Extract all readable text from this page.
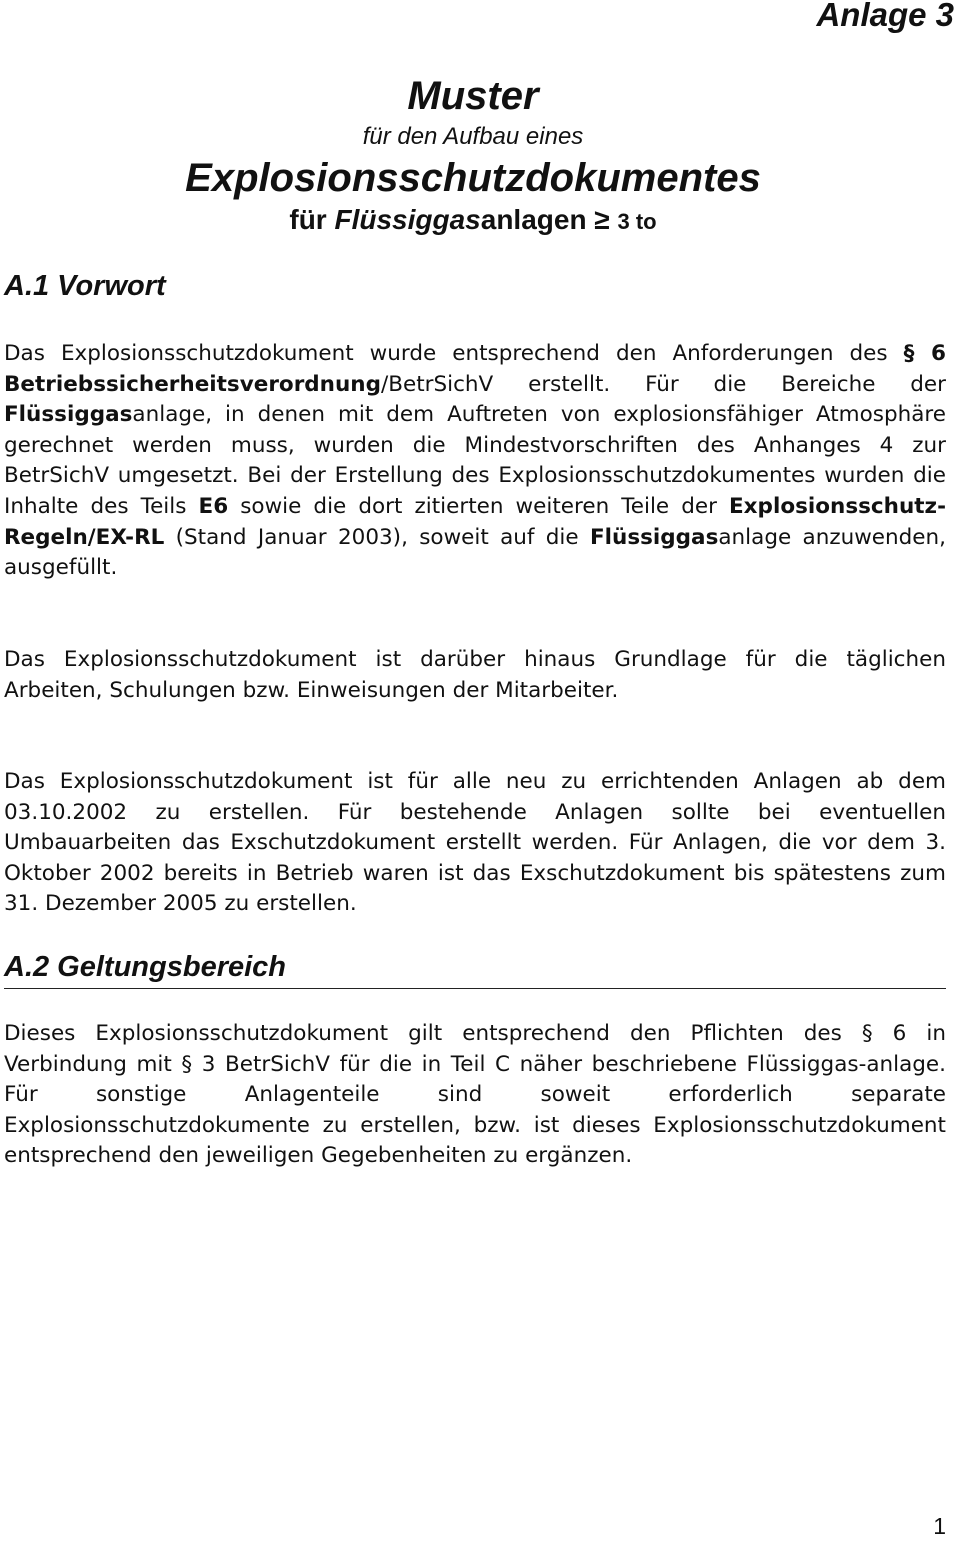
Anlage 3
Muster
für den Aufbau eines
Explosionsschutzdokumentes
für Flüssiggasanlagen ≥ 3 to
A.1 Vorwort
Das Explosionsschutzdokument wurde entsprechend den Anforderungen des § 6 Betriebssicherheitsverordnung/BetrSichV erstellt. Für die Bereiche der Flüssiggasanlage, in denen mit dem Auftreten von explosionsfähiger Atmosphäre gerechnet werden muss, wurden die Mindestvorschriften des Anhanges 4 zur BetrSichV umgesetzt. Bei der Erstellung des Explosionsschutzdokumentes wurden die Inhalte des Teils E6 sowie die dort zitierten weiteren Teile der Explosionsschutz-Regeln/EX-RL (Stand Januar 2003), soweit auf die Flüssiggasanlage anzuwenden, ausgefüllt.
Das Explosionsschutzdokument ist darüber hinaus Grundlage für die täglichen Arbeiten, Schulungen bzw. Einweisungen der Mitarbeiter.
Das Explosionsschutzdokument ist für alle neu zu errichtenden Anlagen ab dem 03.10.2002 zu erstellen. Für bestehende Anlagen sollte bei eventuellen Umbauarbeiten das Exschutzdokument erstellt werden. Für Anlagen, die vor dem 3. Oktober 2002 bereits in Betrieb waren ist das Exschutzdokument bis spätestens zum 31. Dezember 2005 zu erstellen.
A.2 Geltungsbereich
Dieses Explosionsschutzdokument gilt entsprechend den Pflichten des § 6 in Verbindung mit § 3 BetrSichV für die in Teil C näher beschriebene Flüssiggas-anlage. Für sonstige Anlagenteile sind soweit erforderlich separate Explosionsschutzdokumente zu erstellen, bzw. ist dieses Explosionsschutzdokument entsprechend den jeweiligen Gegebenheiten zu ergänzen.
1
